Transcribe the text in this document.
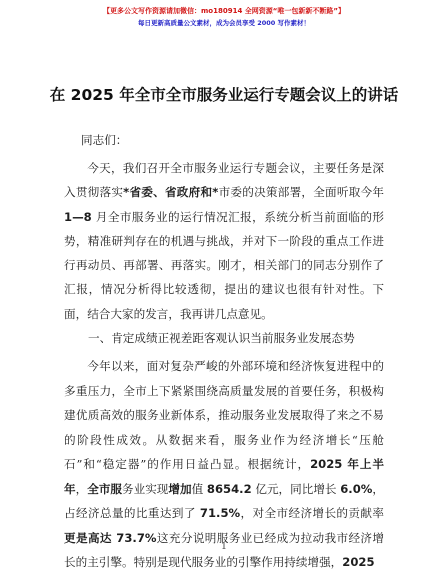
【更多公文写作资源请加微信：mo180914 全网资源“唯一包新新不断路”】
每日更新高质量公文素材，成为会员享受 2000 写作素材！
在 2025 年全市全市服务业运行专题会议上的讲话
同志们：
今天，我们召开全市服务业运行专题会议，主要任务是深入贯彻落实*省委、省政府和*市委的决策部署，全面听取今年1—8 月全市服务业的运行情况汇报，系统分析当前面临的形势，精准研判存在的机遇与挑战，并对下一阶段的重点工作进行再动员、再部署、再落实。刚才，相关部门的同志分别作了汇报，情况分析得比较透彻，提出的建议也很有针对性。下面，结合大家的发言，我再讲几点意见。
一、肯定成绩正视差距客观认识当前服务业发展态势
今年以来，面对复杂严峻的外部环境和经济恢复进程中的多重压力，全市上下紧紧围绕高质量发展的首要任务，积极构建优质高效的服务业新体系，推动服务业发展取得了来之不易的阶段性成效。从数据来看，服务业作为经济增长“压舱石”和“稳定器”的作用日益凸显。根据统计，2025 年上半年，全市服务业实现增加值 8654.2 亿元，同比增长 6.0%，占经济总量的比重达到了 71.5%，对全市经济增长的贡献率更是高达 73.7%这充分说明服务业已经成为拉动我市经济增长的主引擎。特别是现代服务业的引擎作用持续增强，2025
1
